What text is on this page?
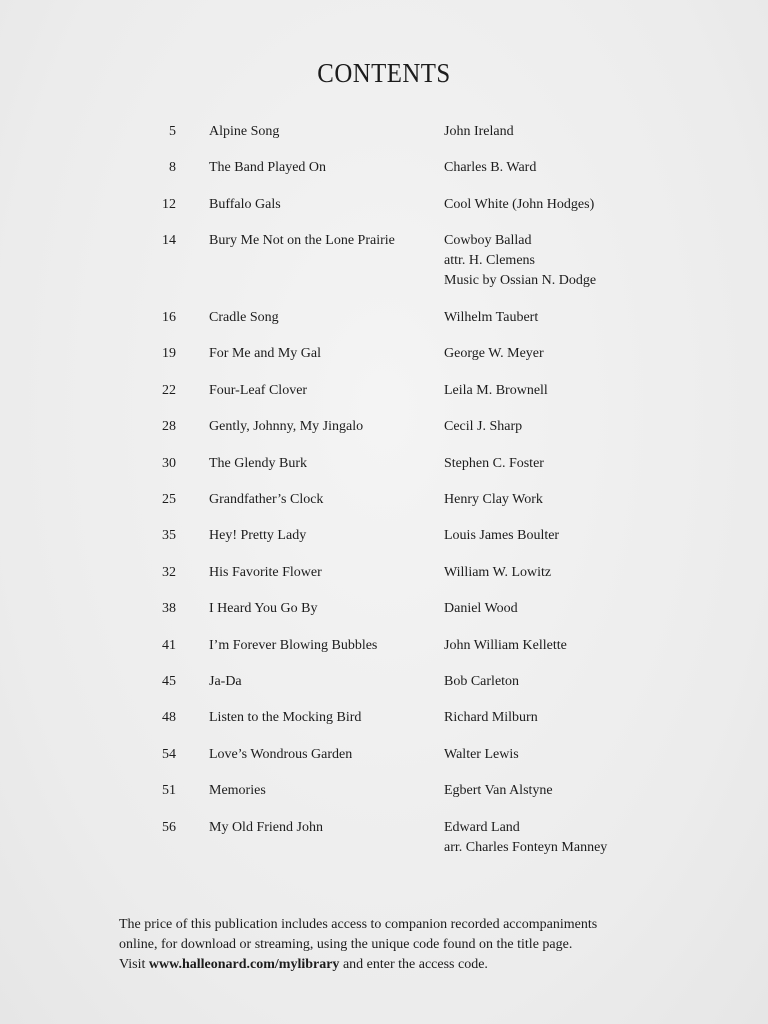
CONTENTS
5 Alpine Song	John Ireland
8 The Band Played On	Charles B. Ward
12 Buffalo Gals	Cool White (John Hodges)
14 Bury Me Not on the Lone Prairie	Cowboy Ballad
attr. H. Clemens
Music by Ossian N. Dodge
16 Cradle Song	Wilhelm Taubert
19 For Me and My Gal	George W. Meyer
22 Four-Leaf Clover	Leila M. Brownell
28 Gently, Johnny, My Jingalo	Cecil J. Sharp
30 The Glendy Burk	Stephen C. Foster
25 Grandfather’s Clock	Henry Clay Work
35 Hey! Pretty Lady	Louis James Boulter
32 His Favorite Flower	William W. Lowitz
38 I Heard You Go By	Daniel Wood
41 I’m Forever Blowing Bubbles	John William Kellette
45 Ja-Da	Bob Carleton
48 Listen to the Mocking Bird	Richard Milburn
54 Love’s Wondrous Garden	Walter Lewis
51 Memories	Egbert Van Alstyne
56 My Old Friend John	Edward Land
arr. Charles Fonteyn Manney

The price of this publication includes access to companion recorded accompaniments
online, for download or streaming, using the unique code found on the title page.
Visit www.halleonard.com/mylibrary and enter the access code.
